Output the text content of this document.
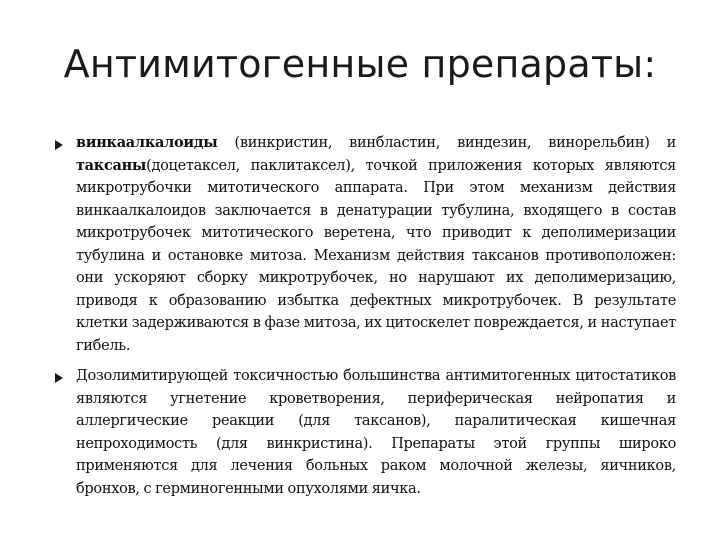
Антимитогенные препараты:
винкаалкалоиды (винкристин, винбластин, виндезин, винорельбин) и таксаны(доцетаксел, паклитаксел), точкой приложения которых являются микротрубочки митотического аппарата. При этом механизм действия винкаалкалоидов заключается в денатурации тубулина, входящего в состав микротрубочек митотического веретена, что приводит к деполимеризации тубулина и остановке митоза. Механизм действия таксанов противоположен: они ускоряют сборку микротрубочек, но нарушают их деполимеризацию, приводя к образованию избытка дефектных микротрубочек. В результате клетки задерживаются в фазе митоза, их цитоскелет повреждается, и наступает гибель.
Дозолимитирующей токсичностью большинства антимитогенных цитостатиков являются угнетение кроветворения, периферическая нейропатия и аллергические реакции (для таксанов), паралитическая кишечная непроходимость (для винкристина). Препараты этой группы широко применяются для лечения больных раком молочной железы, яичников, бронхов, с герминогенными опухолями яичка.
